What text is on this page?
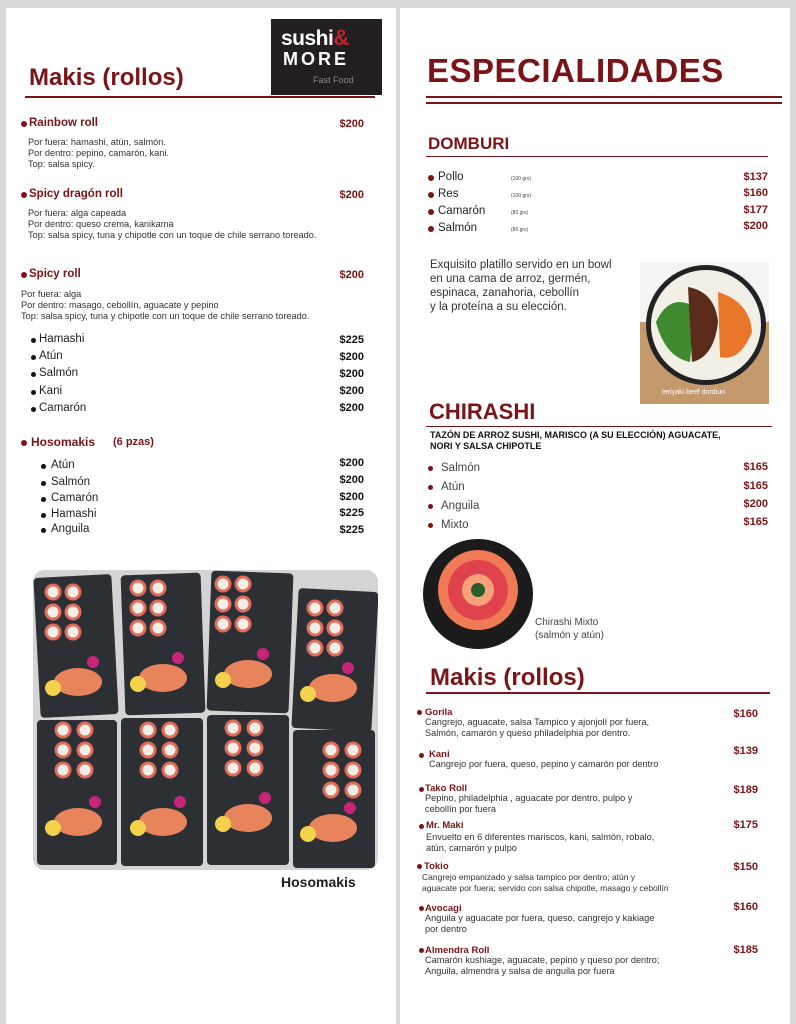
sushi&
MORE
Fast Food
Makis (rollos)
Rainbow roll	$200
Por fuera: hamashi, atún, salmón.
Por dentro: pepino, camarón, kani.
Top: salsa spicy.
Spicy dragón roll	$200
Por fuera: alga capeada
Por dentro: queso crema, kanikama
Top: salsa spicy, tuna y chipotle con un toque de chile serrano toreado.
Spicy roll	$200
Por fuera: alga
Por dentro: masago, cebollín, aguacate y pepino
Top: salsa spicy, tuna y chipotle con un toque de chile serrano toreado.
Hamashi	$225
Atún	$200
Salmón	$200
Kani	$200
Camarón	$200
Hosomakis (6 pzas)
Atún	$200
Salmón	$200
Camarón	$200
Hamashi	$225
Anguila	$225
Hosomakis
ESPECIALIDADES
DOMBURI
Pollo	(100 grs)	$137
Res	(100 grs)	$160
Camarón	(80 grs)	$177
Salmón	(80 grs)	$200
Exquisito platillo servido en un bowl
en una cama de arroz, germén,
espinaca, zanahoria, cebollín
y la proteína a su elección.
teriyaki beef donburi
CHIRASHI
TAZÓN DE ARROZ SUSHI, MARISCO (A SU ELECCIÓN) AGUACATE,
NORI Y SALSA CHIPOTLE
Salmón	$165
Atún	$165
Anguila	$200
Mixto	$165
Chirashi Mixto
(salmón y atún)
Makis (rollos)
Gorila	$160
Cangrejo, aguacate, salsa Tampico y ajonjolí por fuera,
Salmón, camarón y queso philadelphia por dentro.
Kani	$139
Cangrejo por fuera, queso, pepino y camarón por dentro
Tako Roll	$189
Pepino, philadelphia , aguacate por dentro, pulpo y
cebollín por fuera
Mr. Maki	$175
Envuelto en 6 diferentes mariscos, kani, salmón, robalo,
atún, camarón y pulpo
Tokio	$150
Cangrejo empanizado y salsa tampico por dentro; atún y
aguacate por fuera; servido con salsa chipotle, masago y cebollín
Avocagi	$160
Anguila y aguacate por fuera, queso, cangrejo y kakiage
por dentro
Almendra Roll	$185
Camarón kushiage, aguacate, pepino y queso por dentro;
Anguila, almendra y salsa de anguila por fuera
